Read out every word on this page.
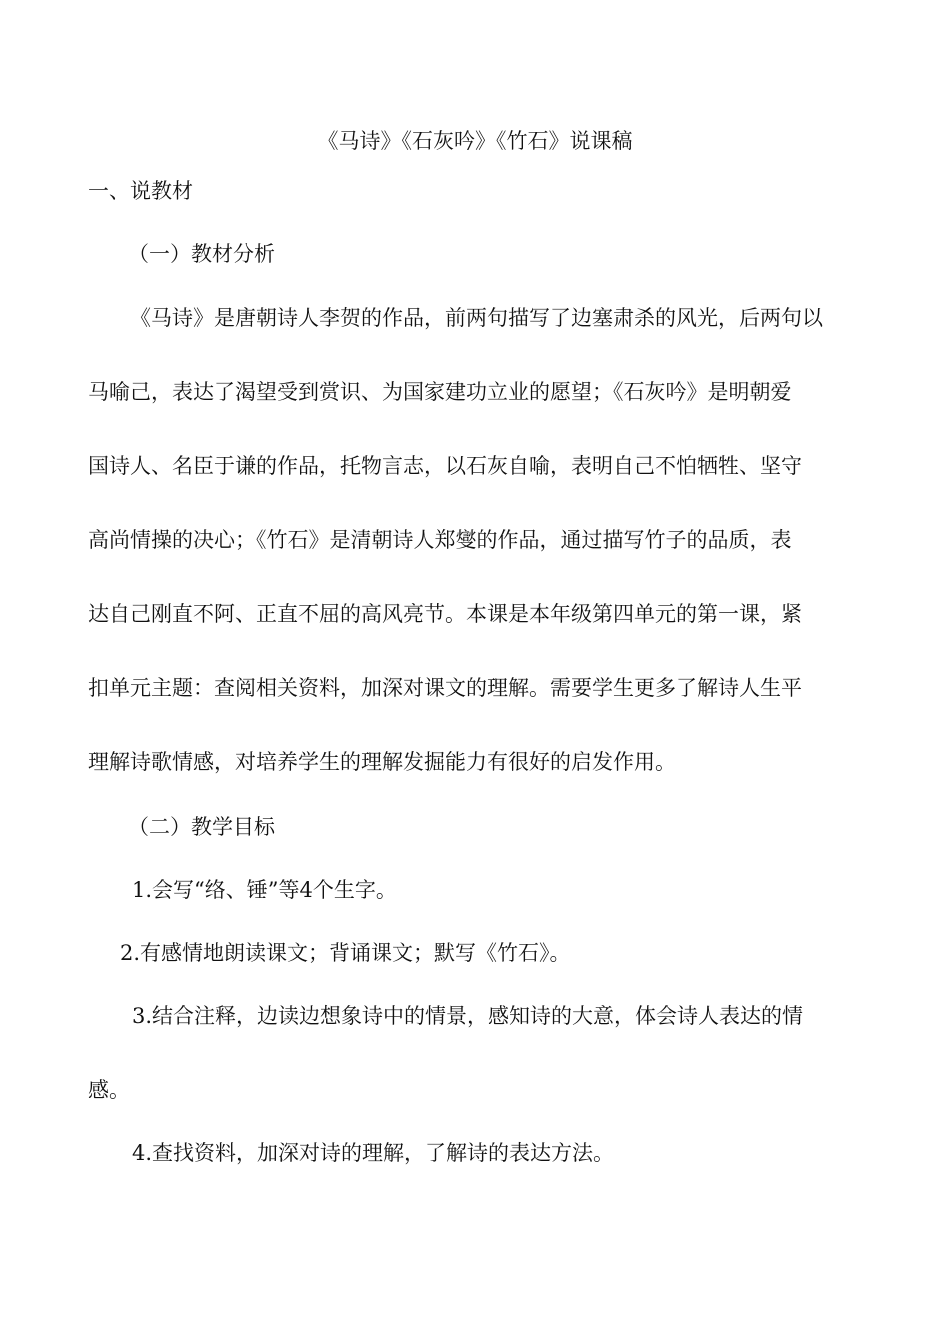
《马诗》《石灰吟》《竹石》说课稿
一、说教材
（一）教材分析
《马诗》是唐朝诗人李贺的作品，前两句描写了边塞肃杀的风光，后两句以
马喻己，表达了渴望受到赏识、为国家建功立业的愿望；《石灰吟》是明朝爱
国诗人、名臣于谦的作品，托物言志，以石灰自喻，表明自己不怕牺牲、坚守
高尚情操的决心；《竹石》是清朝诗人郑燮的作品，通过描写竹子的品质，表
达自己刚直不阿、正直不屈的高风亮节。本课是本年级第四单元的第一课，紧
扣单元主题：查阅相关资料，加深对课文的理解。需要学生更多了解诗人生平
理解诗歌情感，对培养学生的理解发掘能力有很好的启发作用。
（二）教学目标
1.会写“络、锤”等4个生字。
2.有感情地朗读课文；背诵课文；默写《竹石》。
3.结合注释，边读边想象诗中的情景，感知诗的大意，体会诗人表达的情
感。
4.查找资料，加深对诗的理解，了解诗的表达方法。
